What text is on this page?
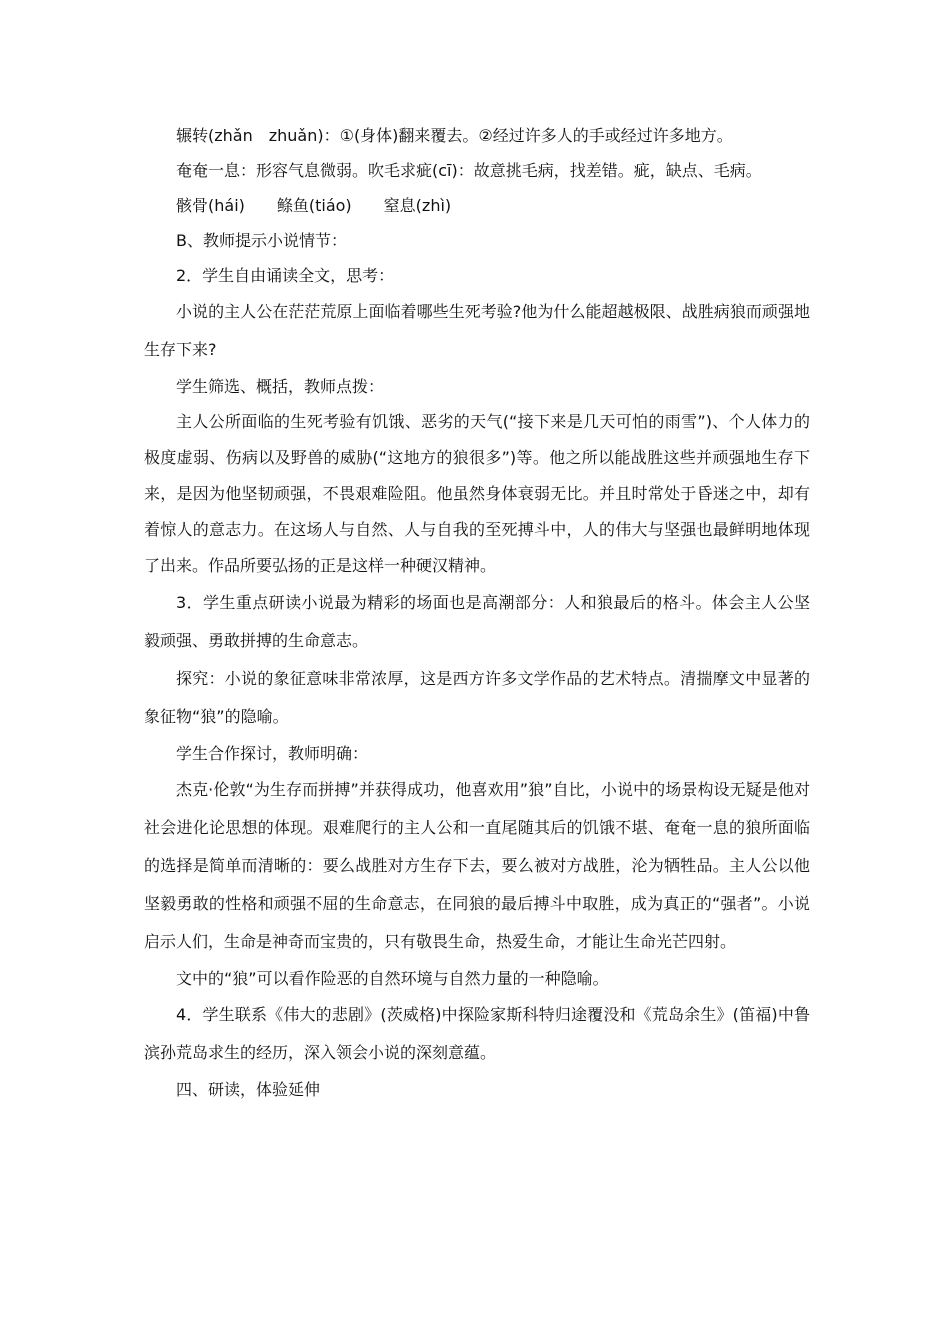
辗转(zhǎn　zhuǎn)：①(身体)翻来覆去。②经过许多人的手或经过许多地方。

奄奄一息：形容气息微弱。吹毛求疵(cī)：故意挑毛病，找差错。疵，缺点、毛病。

骸骨(hái)　　鲦鱼(tiáo)　　窒息(zhì)

B、教师提示小说情节：

2．学生自由诵读全文，思考：

小说的主人公在茫茫荒原上面临着哪些生死考验?他为什么能超越极限、战胜病狼而顽强地生存下来?

学生筛选、概括，教师点拨：

主人公所面临的生死考验有饥饿、恶劣的天气(“接下来是几天可怕的雨雪”)、个人体力的极度虚弱、伤病以及野兽的威胁(“这地方的狼很多”)等。他之所以能战胜这些并顽强地生存下来，是因为他坚韧顽强，不畏艰难险阻。他虽然身体衰弱无比。并且时常处于昏迷之中，却有着惊人的意志力。在这场人与自然、人与自我的至死搏斗中，人的伟大与坚强也最鲜明地体现了出来。作品所要弘扬的正是这样一种硬汉精神。

3．学生重点研读小说最为精彩的场面也是高潮部分：人和狼最后的格斗。体会主人公坚毅顽强、勇敢拼搏的生命意志。

探究：小说的象征意味非常浓厚，这是西方许多文学作品的艺术特点。清揣摩文中显著的象征物“狼”的隐喻。

学生合作探讨，教师明确：

杰克·伦敦“为生存而拼搏”并获得成功，他喜欢用”狼”自比，小说中的场景构设无疑是他对社会进化论思想的体现。艰难爬行的主人公和一直尾随其后的饥饿不堪、奄奄一息的狼所面临的选择是简单而清晰的：要么战胜对方生存下去，要么被对方战胜，沦为牺牲品。主人公以他坚毅勇敢的性格和顽强不屈的生命意志，在同狼的最后搏斗中取胜，成为真正的“强者”。小说启示人们，生命是神奇而宝贵的，只有敬畏生命，热爱生命，才能让生命光芒四射。

文中的“狼”可以看作险恶的自然环境与自然力量的一种隐喻。

4．学生联系《伟大的悲剧》(茨威格)中探险家斯科特归途覆没和《荒岛余生》(笛福)中鲁滨孙荒岛求生的经历，深入领会小说的深刻意蕴。

四、研读，体验延伸
